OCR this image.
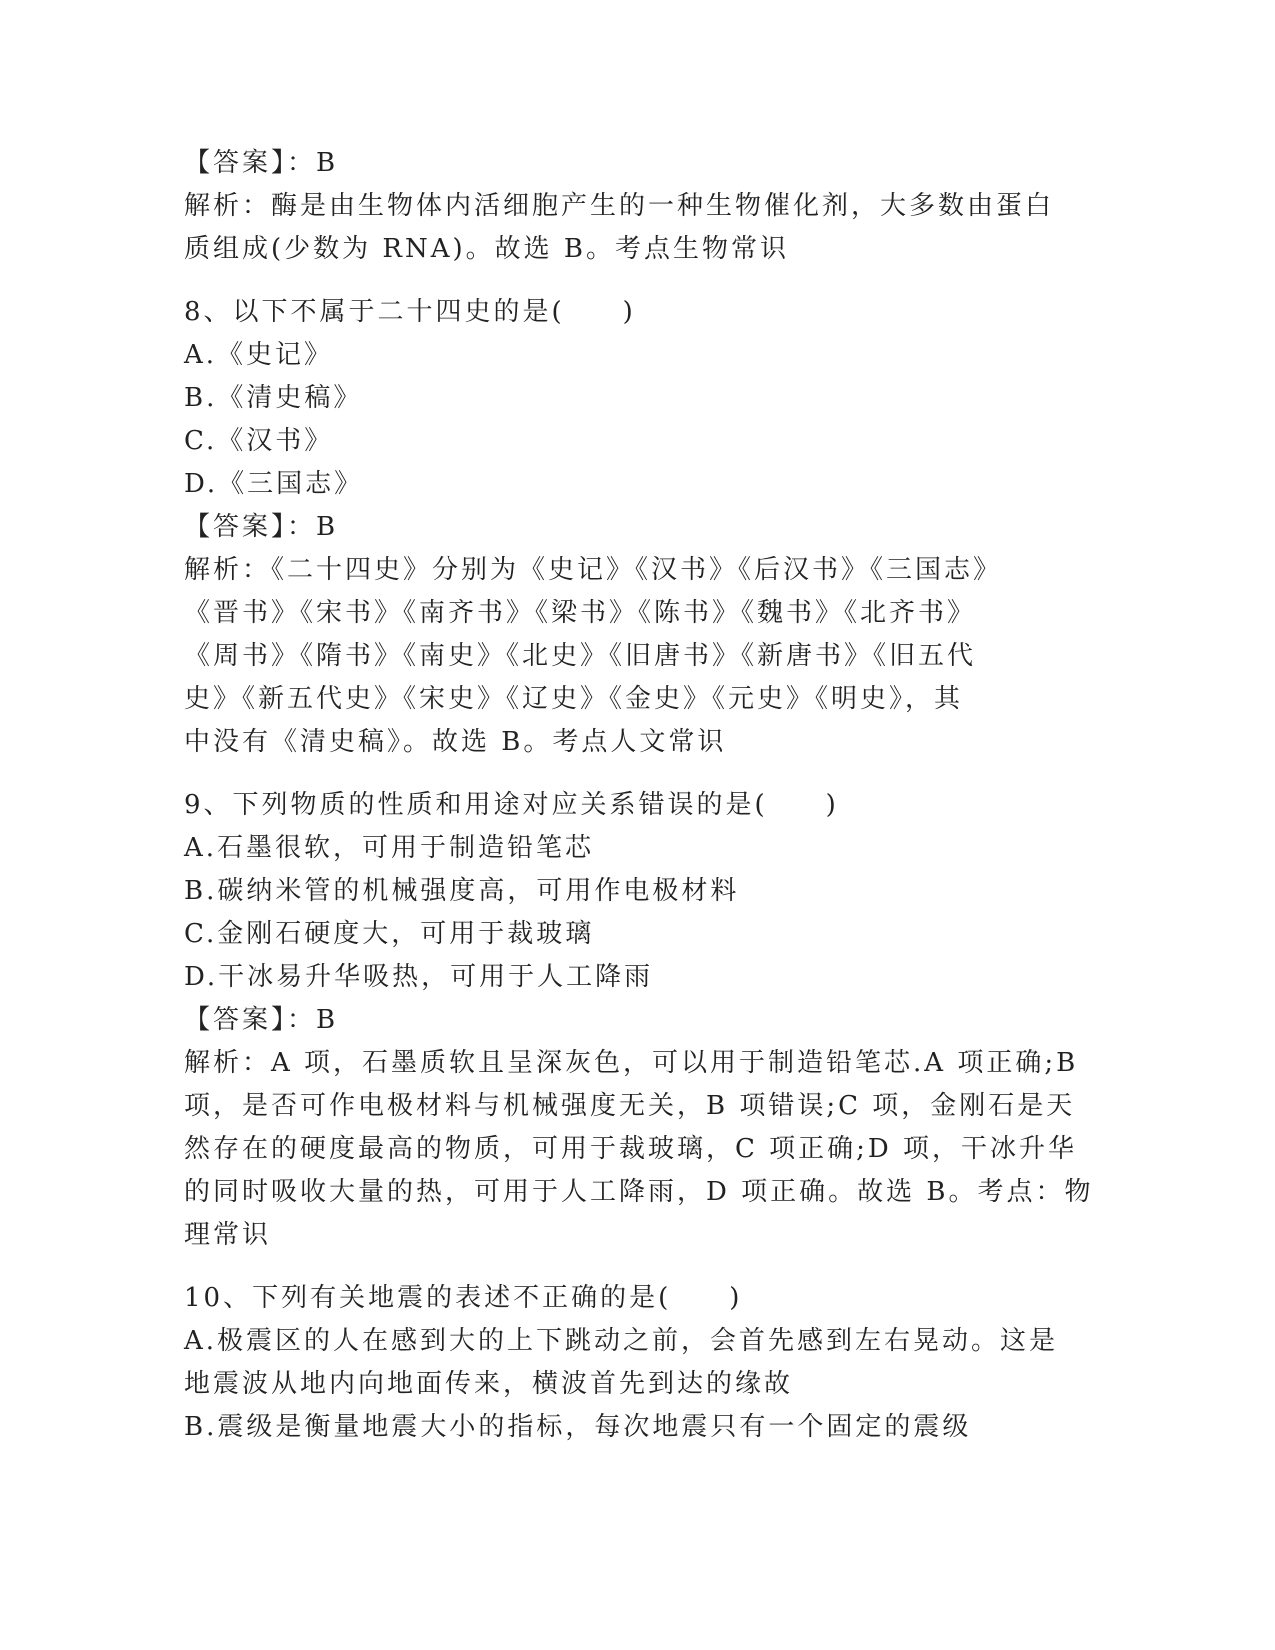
【答案】：B
解析：酶是由生物体内活细胞产生的一种生物催化剂，大多数由蛋白
质组成(少数为 RNA)。故选 B。考点生物常识
8、以下不属于二十四史的是(　　)
A.《史记》
B.《清史稿》
C.《汉书》
D.《三国志》
【答案】：B
解析：《二十四史》分别为《史记》《汉书》《后汉书》《三国志》
《晋书》《宋书》《南齐书》《梁书》《陈书》《魏书》《北齐书》
《周书》《隋书》《南史》《北史》《旧唐书》《新唐书》《旧五代
史》《新五代史》《宋史》《辽史》《金史》《元史》《明史》，其
中没有《清史稿》。故选 B。考点人文常识
9、下列物质的性质和用途对应关系错误的是(　　)
A.石墨很软，可用于制造铅笔芯
B.碳纳米管的机械强度高，可用作电极材料
C.金刚石硬度大，可用于裁玻璃
D.干冰易升华吸热，可用于人工降雨
【答案】：B
解析：A 项，石墨质软且呈深灰色，可以用于制造铅笔芯.A 项正确;B
项，是否可作电极材料与机械强度无关，B 项错误;C 项，金刚石是天
然存在的硬度最高的物质，可用于裁玻璃，C 项正确;D 项，干冰升华
的同时吸收大量的热，可用于人工降雨，D 项正确。故选 B。考点：物
理常识
10、下列有关地震的表述不正确的是(　　)
A.极震区的人在感到大的上下跳动之前，会首先感到左右晃动。这是
地震波从地内向地面传来，横波首先到达的缘故
B.震级是衡量地震大小的指标，每次地震只有一个固定的震级
